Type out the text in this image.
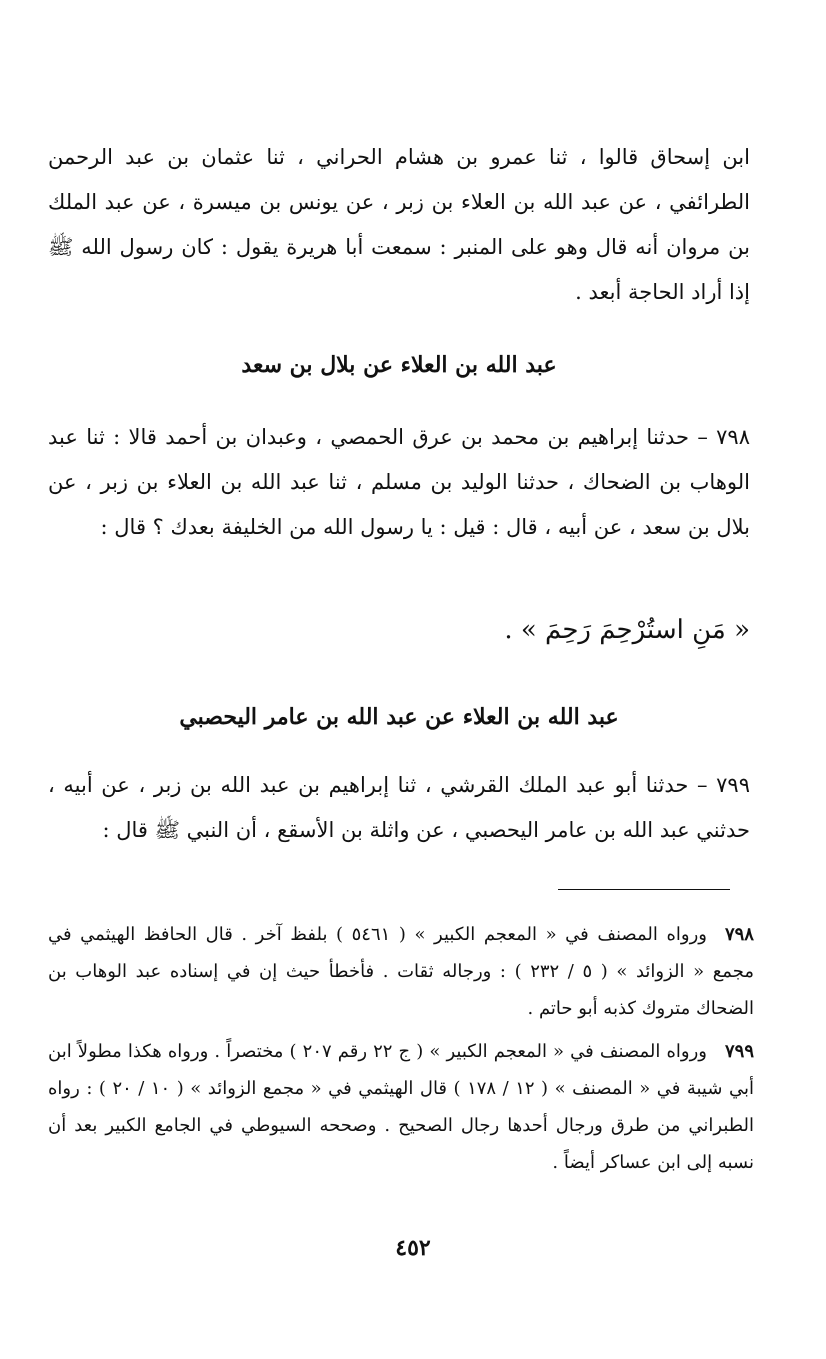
ابن إسحاق قالوا ، ثنا عمرو بن هشام الحراني ، ثنا عثمان بن عبد الرحمن الطرائفي ، عن عبد الله بن العلاء بن زبر ، عن يونس بن ميسرة ، عن عبد الملك بن مروان أنه قال وهو على المنبر : سمعت أبا هريرة يقول : كان رسول الله ﷺ إذا أراد الحاجة أبعد .
عبد الله بن العلاء عن بلال بن سعد
٧٩٨ – حدثنا إبراهيم بن محمد بن عرق الحمصي ، وعبدان بن أحمد قالا : ثنا عبد الوهاب بن الضحاك ، حدثنا الوليد بن مسلم ، ثنا عبد الله بن العلاء بن زبر ، عن بلال بن سعد ، عن أبيه ، قال : قيل : يا رسول الله من الخليفة بعدك ؟ قال :
« مَنِ استُرْحِمَ رَحِمَ » .
عبد الله بن العلاء عن عبد الله بن عامر اليحصبي
٧٩٩ – حدثنا أبو عبد الملك القرشي ، ثنا إبراهيم بن عبد الله بن زبر ، عن أبيه ، حدثني عبد الله بن عامر اليحصبي ، عن واثلة بن الأسقع ، أن النبي ﷺ قال :
٧٩٨ورواه المصنف في « المعجم الكبير » ( ٥٤٦١ ) بلفظ آخر . قال الحافظ الهيثمي في مجمع « الزوائد » ( ٥ / ٢٣٢ ) : ورجاله ثقات . فأخطأ حيث إن في إسناده عبد الوهاب بن الضحاك متروك كذبه أبو حاتم .
٧٩٩ورواه المصنف في « المعجم الكبير » ( ج ٢٢ رقم ٢٠٧ ) مختصراً . ورواه هكذا مطولاً ابن أبي شيبة في « المصنف » ( ١٢ / ١٧٨ ) قال الهيثمي في « مجمع الزوائد » ( ١٠ / ٢٠ ) : رواه الطبراني من طرق ورجال أحدها رجال الصحيح . وصححه السيوطي في الجامع الكبير بعد أن نسبه إلى ابن عساكر أيضاً .
٤٥٢
